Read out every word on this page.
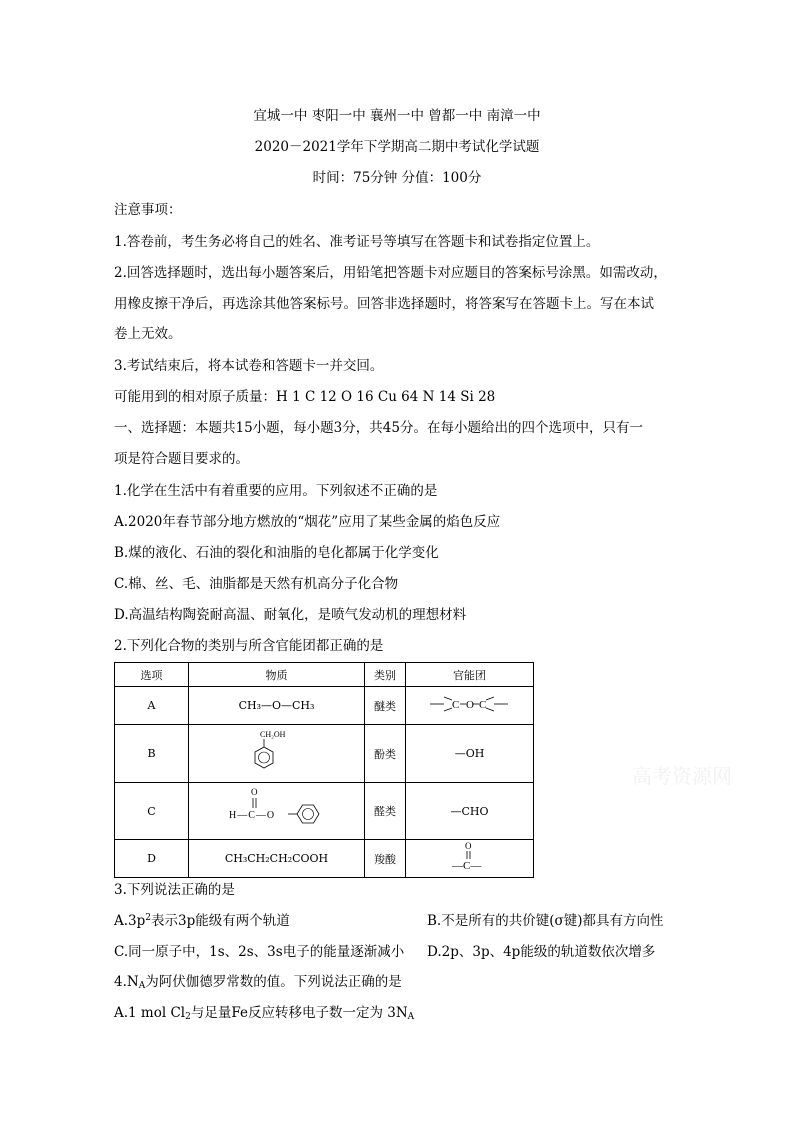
宜城一中 枣阳一中 襄州一中 曾都一中 南漳一中
2020－2021学年下学期高二期中考试化学试题
时间：75分钟 分值：100分
注意事项：
1.答卷前，考生务必将自己的姓名、准考证号等填写在答题卡和试卷指定位置上。
2.回答选择题时，选出每小题答案后，用铅笔把答题卡对应题目的答案标号涂黑。如需改动，
用橡皮擦干净后，再选涂其他答案标号。回答非选择题时，将答案写在答题卡上。写在本试
卷上无效。
3.考试结束后，将本试卷和答题卡一并交回。
可能用到的相对原子质量：H 1 C 12 O 16 Cu 64 N 14 Si 28
一、选择题：本题共15小题，每小题3分，共45分。在每小题给出的四个选项中，只有一
项是符合题目要求的。
1.化学在生活中有着重要的应用。下列叙述不正确的是
A.2020年春节部分地方燃放的“烟花”应用了某些金属的焰色反应
B.煤的液化、石油的裂化和油脂的皂化都属于化学变化
C.棉、丝、毛、油脂都是天然有机高分子化合物
D.高温结构陶瓷耐高温、耐氧化，是喷气发动机的理想材料
2.下列化合物的类别与所含官能团都正确的是
选项	物质	类别	官能团
A	CH₃—O—CH₃	醚类	C O C

B	CH₂OH	酚类	—OH
C	O
H—C—O	醛类	—CHO
D	CH₃CH₂CH₂COOH	羧酸	O
—C—
高考资源网
3.下列说法正确的是
$A.3p^2$表示3p能级有两个轨道	B.不是所有的共价键(σ键)都具有方向性
C.同一原子中，1s、2s、3s电子的能量逐渐减小 D.2p、3p、4p能级的轨道数依次增多
$4.N_A$为阿伏伽德罗常数的值。下列说法正确的是
A.1 mol $Cl_2$与足量Fe反应转移电子数一定为 $3N_A$
